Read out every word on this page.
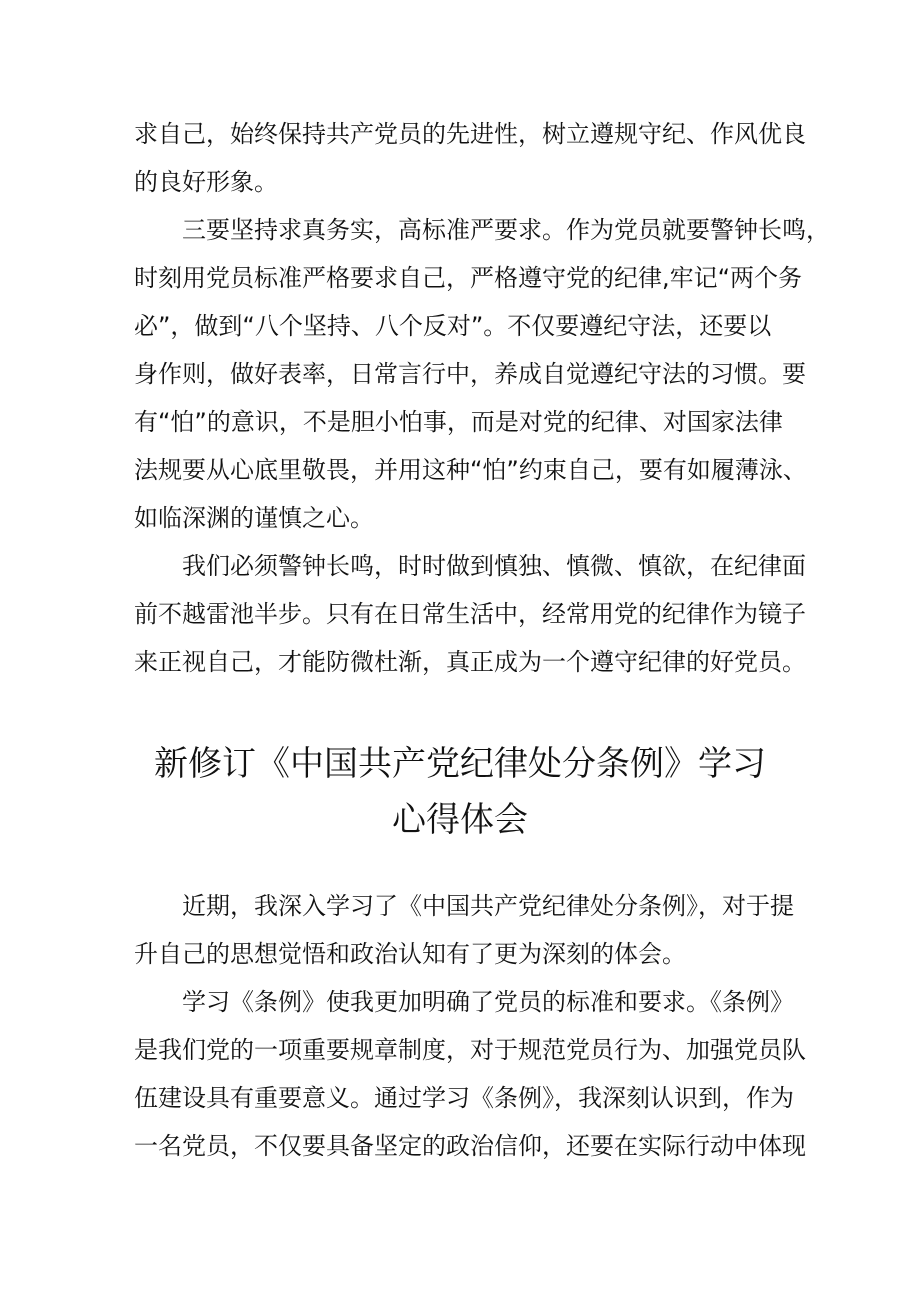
求自己，始终保持共产党员的先进性，树立遵规守纪、作风优良
的良好形象。
三要坚持求真务实，高标准严要求。作为党员就要警钟长鸣，
时刻用党员标准严格要求自己，严格遵守党的纪律,牢记“两个务
必”，做到“八个坚持、八个反对”。不仅要遵纪守法，还要以
身作则，做好表率，日常言行中，养成自觉遵纪守法的习惯。要
有“怕”的意识，不是胆小怕事，而是对党的纪律、对国家法律
法规要从心底里敬畏，并用这种“怕”约束自己，要有如履薄泳、
如临深渊的谨慎之心。
我们必须警钟长鸣，时时做到慎独、慎微、慎欲，在纪律面
前不越雷池半步。只有在日常生活中，经常用党的纪律作为镜子
来正视自己，才能防微杜渐，真正成为一个遵守纪律的好党员。
新修订《中国共产党纪律处分条例》学习
心得体会
近期，我深入学习了《中国共产党纪律处分条例》，对于提
升自己的思想觉悟和政治认知有了更为深刻的体会。
学习《条例》使我更加明确了党员的标准和要求。《条例》
是我们党的一项重要规章制度，对于规范党员行为、加强党员队
伍建设具有重要意义。通过学习《条例》，我深刻认识到，作为
一名党员，不仅要具备坚定的政治信仰，还要在实际行动中体现
